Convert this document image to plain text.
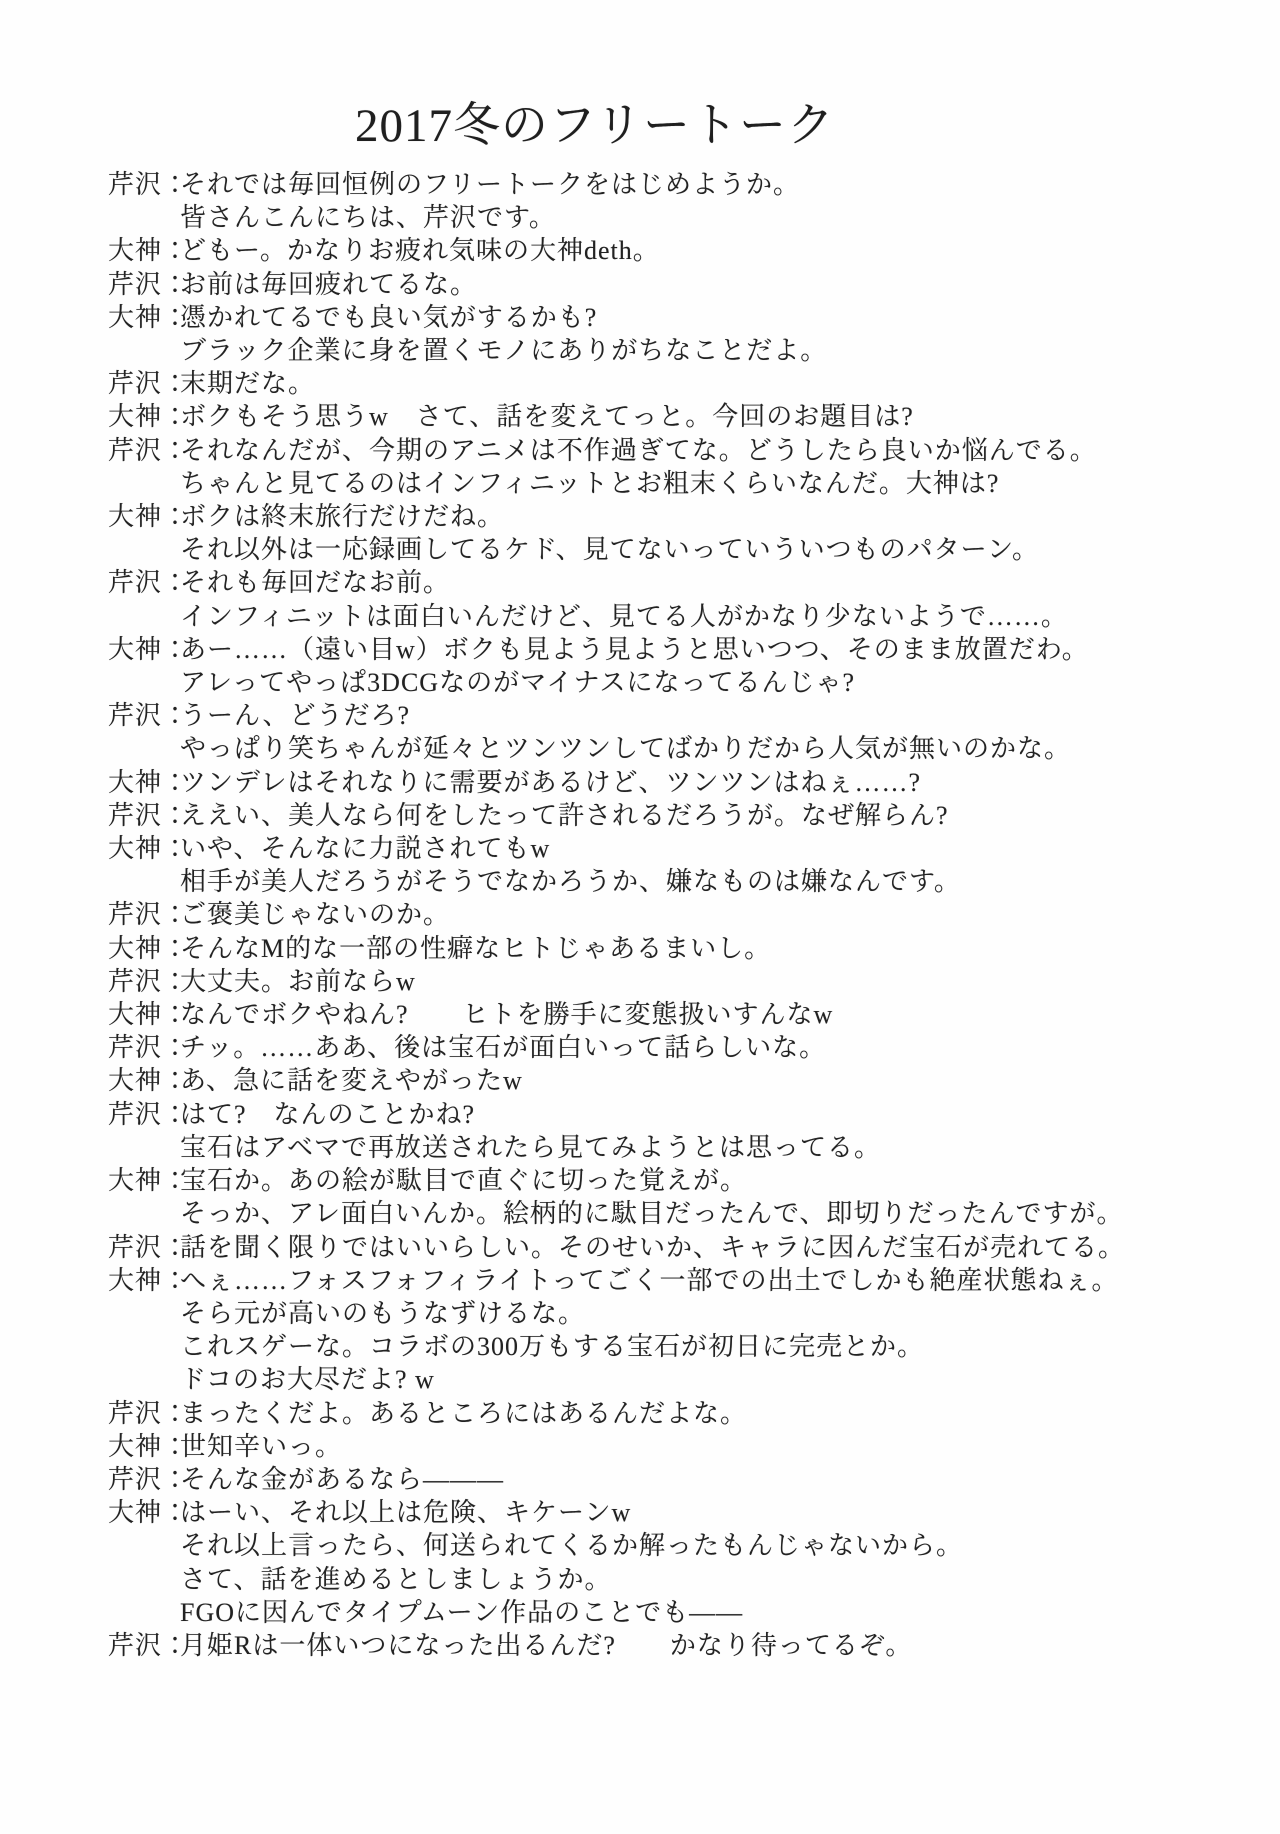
2017冬のフリートーク
芹沢：
それでは毎回恒例のフリートークをはじめようか。
皆さんこんにちは、芹沢です。
大神：
どもー。かなりお疲れ気味の大神deth。
芹沢：
お前は毎回疲れてるな。
大神：
憑かれてるでも良い気がするかも?
ブラック企業に身を置くモノにありがちなことだよ。
芹沢：
末期だな。
大神：
ボクもそう思うw　さて、話を変えてっと。今回のお題目は?
芹沢：
それなんだが、今期のアニメは不作過ぎてな。どうしたら良いか悩んでる。
ちゃんと見てるのはインフィニットとお粗末くらいなんだ。大神は?
大神：
ボクは終末旅行だけだね。
それ以外は一応録画してるケド、見てないっていういつものパターン。
芹沢：
それも毎回だなお前。
インフィニットは面白いんだけど、見てる人がかなり少ないようで……。
大神：
あー……（遠い目w）ボクも見よう見ようと思いつつ、そのまま放置だわ。
アレってやっぱ3DCGなのがマイナスになってるんじゃ?
芹沢：
うーん、どうだろ?
やっぱり笑ちゃんが延々とツンツンしてばかりだから人気が無いのかな。
大神：
ツンデレはそれなりに需要があるけど、ツンツンはねぇ……?
芹沢：
ええい、美人なら何をしたって許されるだろうが。なぜ解らん?
大神：
いや、そんなに力説されてもw
相手が美人だろうがそうでなかろうか、嫌なものは嫌なんです。
芹沢：
ご褒美じゃないのか。
大神：
そんなM的な一部の性癖なヒトじゃあるまいし。
芹沢：
大丈夫。お前ならw
大神：
なんでボクやねん?　　ヒトを勝手に変態扱いすんなw
芹沢：
チッ。……ああ、後は宝石が面白いって話らしいな。
大神：
あ、急に話を変えやがったw
芹沢：
はて?　なんのことかね?
宝石はアベマで再放送されたら見てみようとは思ってる。
大神：
宝石か。あの絵が駄目で直ぐに切った覚えが。
そっか、アレ面白いんか。絵柄的に駄目だったんで、即切りだったんですが。
芹沢：
話を聞く限りではいいらしい。そのせいか、キャラに因んだ宝石が売れてる。
大神：
へぇ……フォスフォフィライトってごく一部での出土でしかも絶産状態ねぇ。
そら元が高いのもうなずけるな。
これスゲーな。コラボの300万もする宝石が初日に完売とか。
ドコのお大尽だよ? w
芹沢：
まったくだよ。あるところにはあるんだよな。
大神：
世知辛いっ。
芹沢：
そんな金があるなら———
大神：
はーい、それ以上は危険、キケーンw
それ以上言ったら、何送られてくるか解ったもんじゃないから。
さて、話を進めるとしましょうか。
FGOに因んでタイプムーン作品のことでも——
芹沢：
月姫Rは一体いつになった出るんだ?　　かなり待ってるぞ。
